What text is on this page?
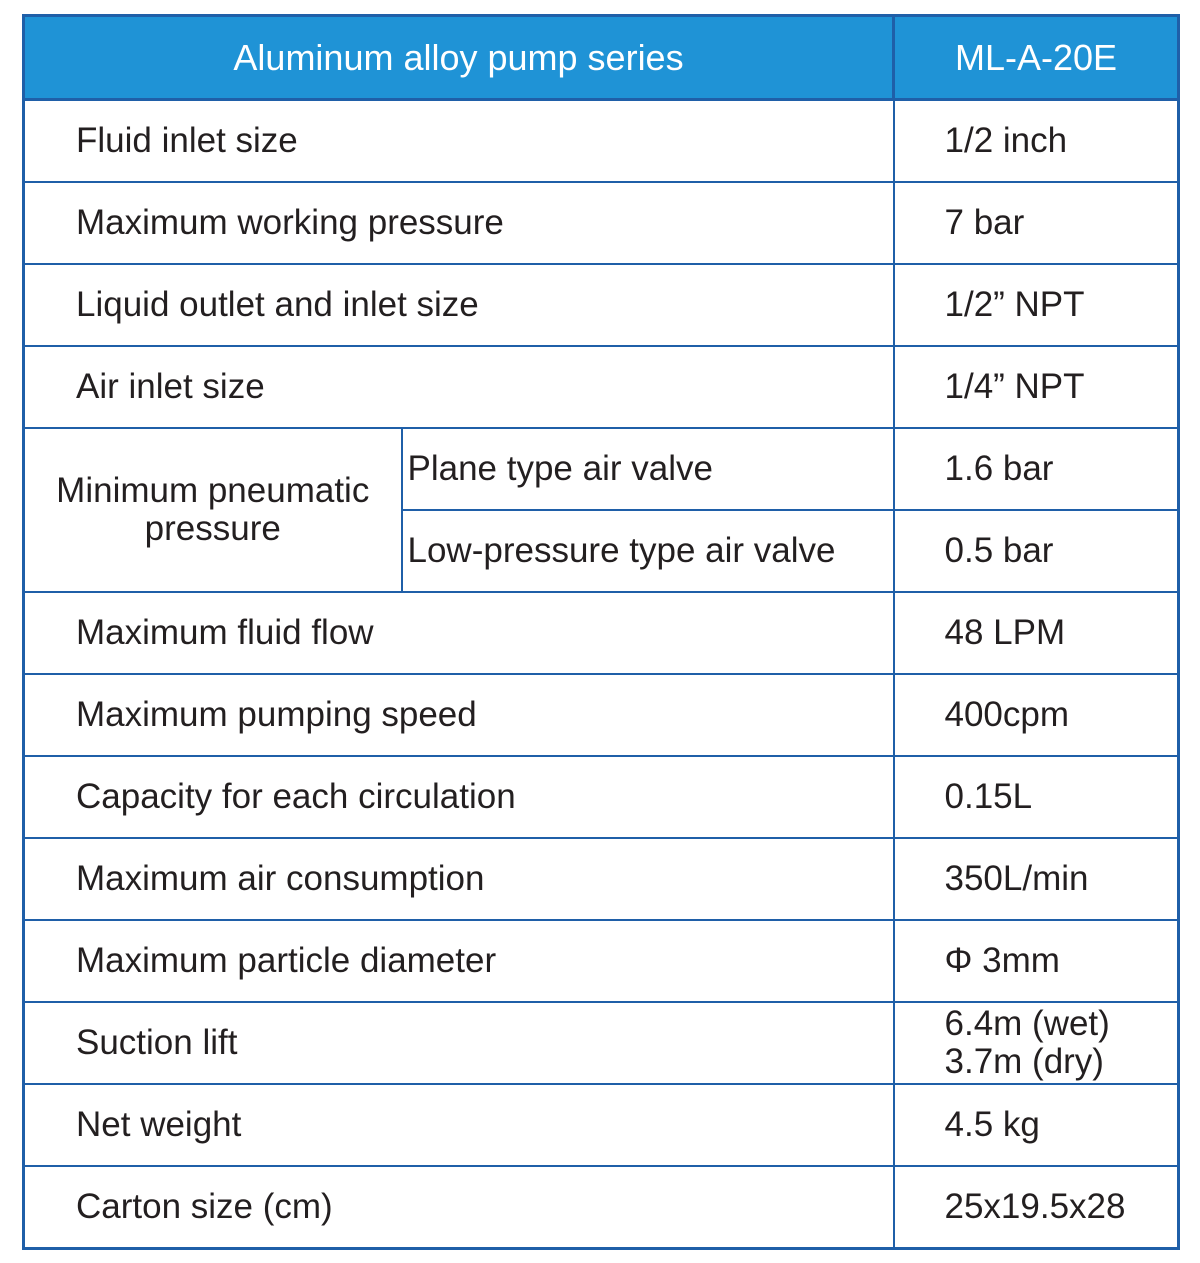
Aluminum alloy pump series		ML-A-20E
Fluid inlet size		1/2 inch
Maximum working pressure		7 bar
Liquid outlet and inlet size		1/2” NPT
Air inlet size		1/4” NPT
Minimum pneumatic pressure	Plane type air valve	1.6 bar
	Low-pressure type air valve	0.5 bar
Maximum fluid flow		48 LPM
Maximum pumping speed		400cpm
Capacity for each circulation		0.15L
Maximum air consumption		350L/min
Maximum particle diameter		Φ 3mm
Suction lift		6.4m (wet)
3.7m (dry)

Net weight		4.5 kg
Carton size (cm)		25x19.5x28
